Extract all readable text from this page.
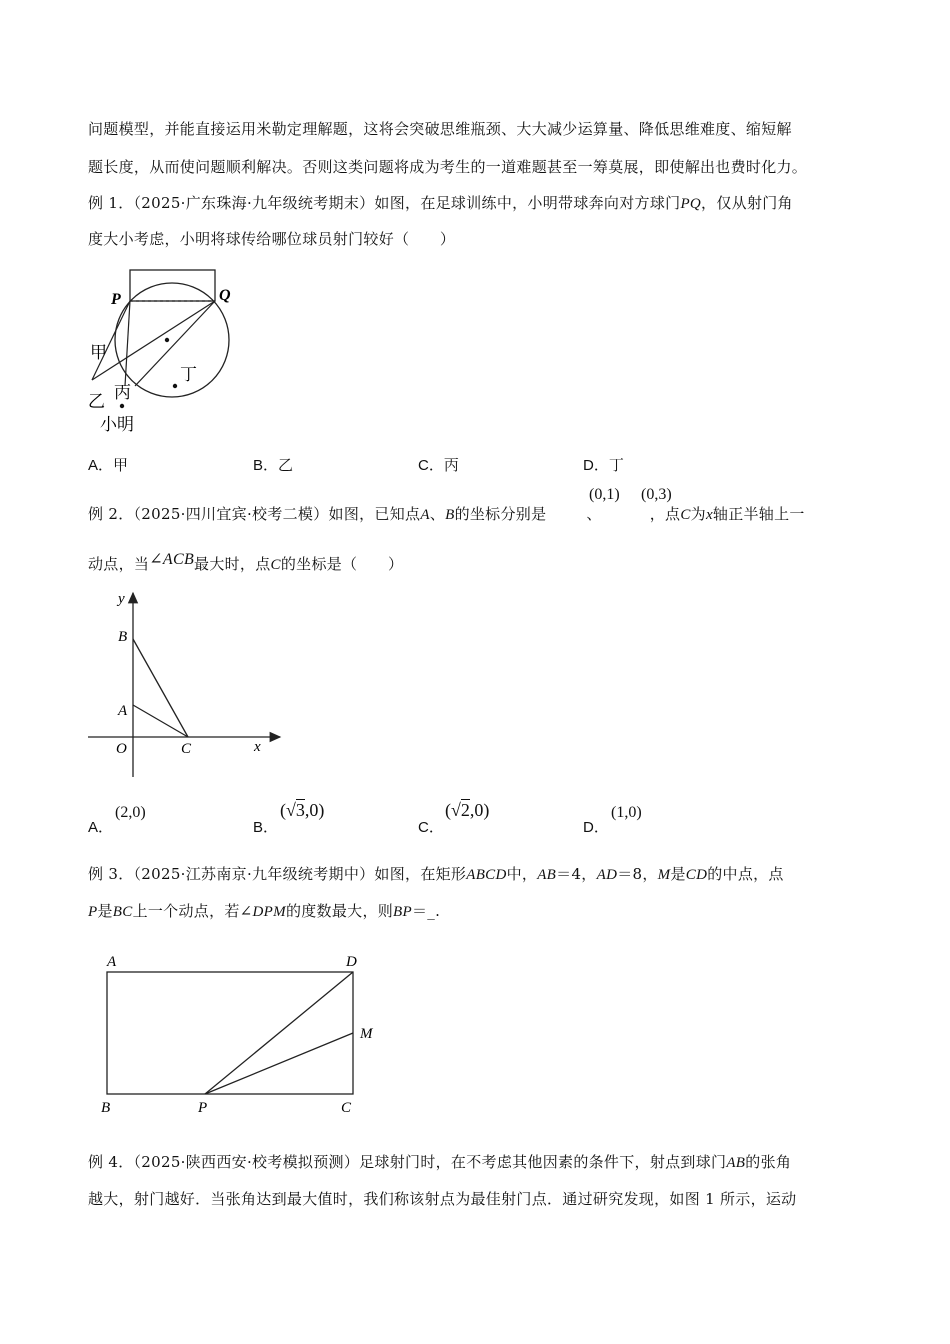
问题模型，并能直接运用米勒定理解题，这将会突破思维瓶颈、大大减少运算量、降低思维难度、缩短解
题长度，从而使问题顺利解决。否则这类问题将成为考生的一道难题甚至一筹莫展，即使解出也费时化力。
例 1．（2025·广东珠海·九年级统考期末）如图，在足球训练中，小明带球奔向对方球门PQ，仅从射门角
度大小考虑，小明将球传给哪位球员射门较好（　　）
P	Q
甲
乙 丙
丁
小明
A．甲	B．乙	C．丙	D．丁
例 2．（2025·四川宜宾·校考二模）如图，已知点A、B的坐标分别是	、	，点C为x轴正半轴上一
(0,1) (0,3)
动点，当∠ACB最大时，点C的坐标是（　　）
y
B
A
O	C	x
A．
(2,0)
B．
(√3,0)
C．
(√2,0)
D．
(1,0)
例 3．（2025·江苏南京·九年级统考期中）如图，在矩形ABCD中，AB＝4，AD＝8，M是CD的中点，点
P是BC上一个动点，若∠DPM的度数最大，则BP＝_.
A	D
M
B	P	C
例 4．（2025·陕西西安·校考模拟预测）足球射门时，在不考虑其他因素的条件下，射点到球门AB的张角
越大，射门越好．当张角达到最大值时，我们称该射点为最佳射门点．通过研究发现，如图 1 所示，运动
